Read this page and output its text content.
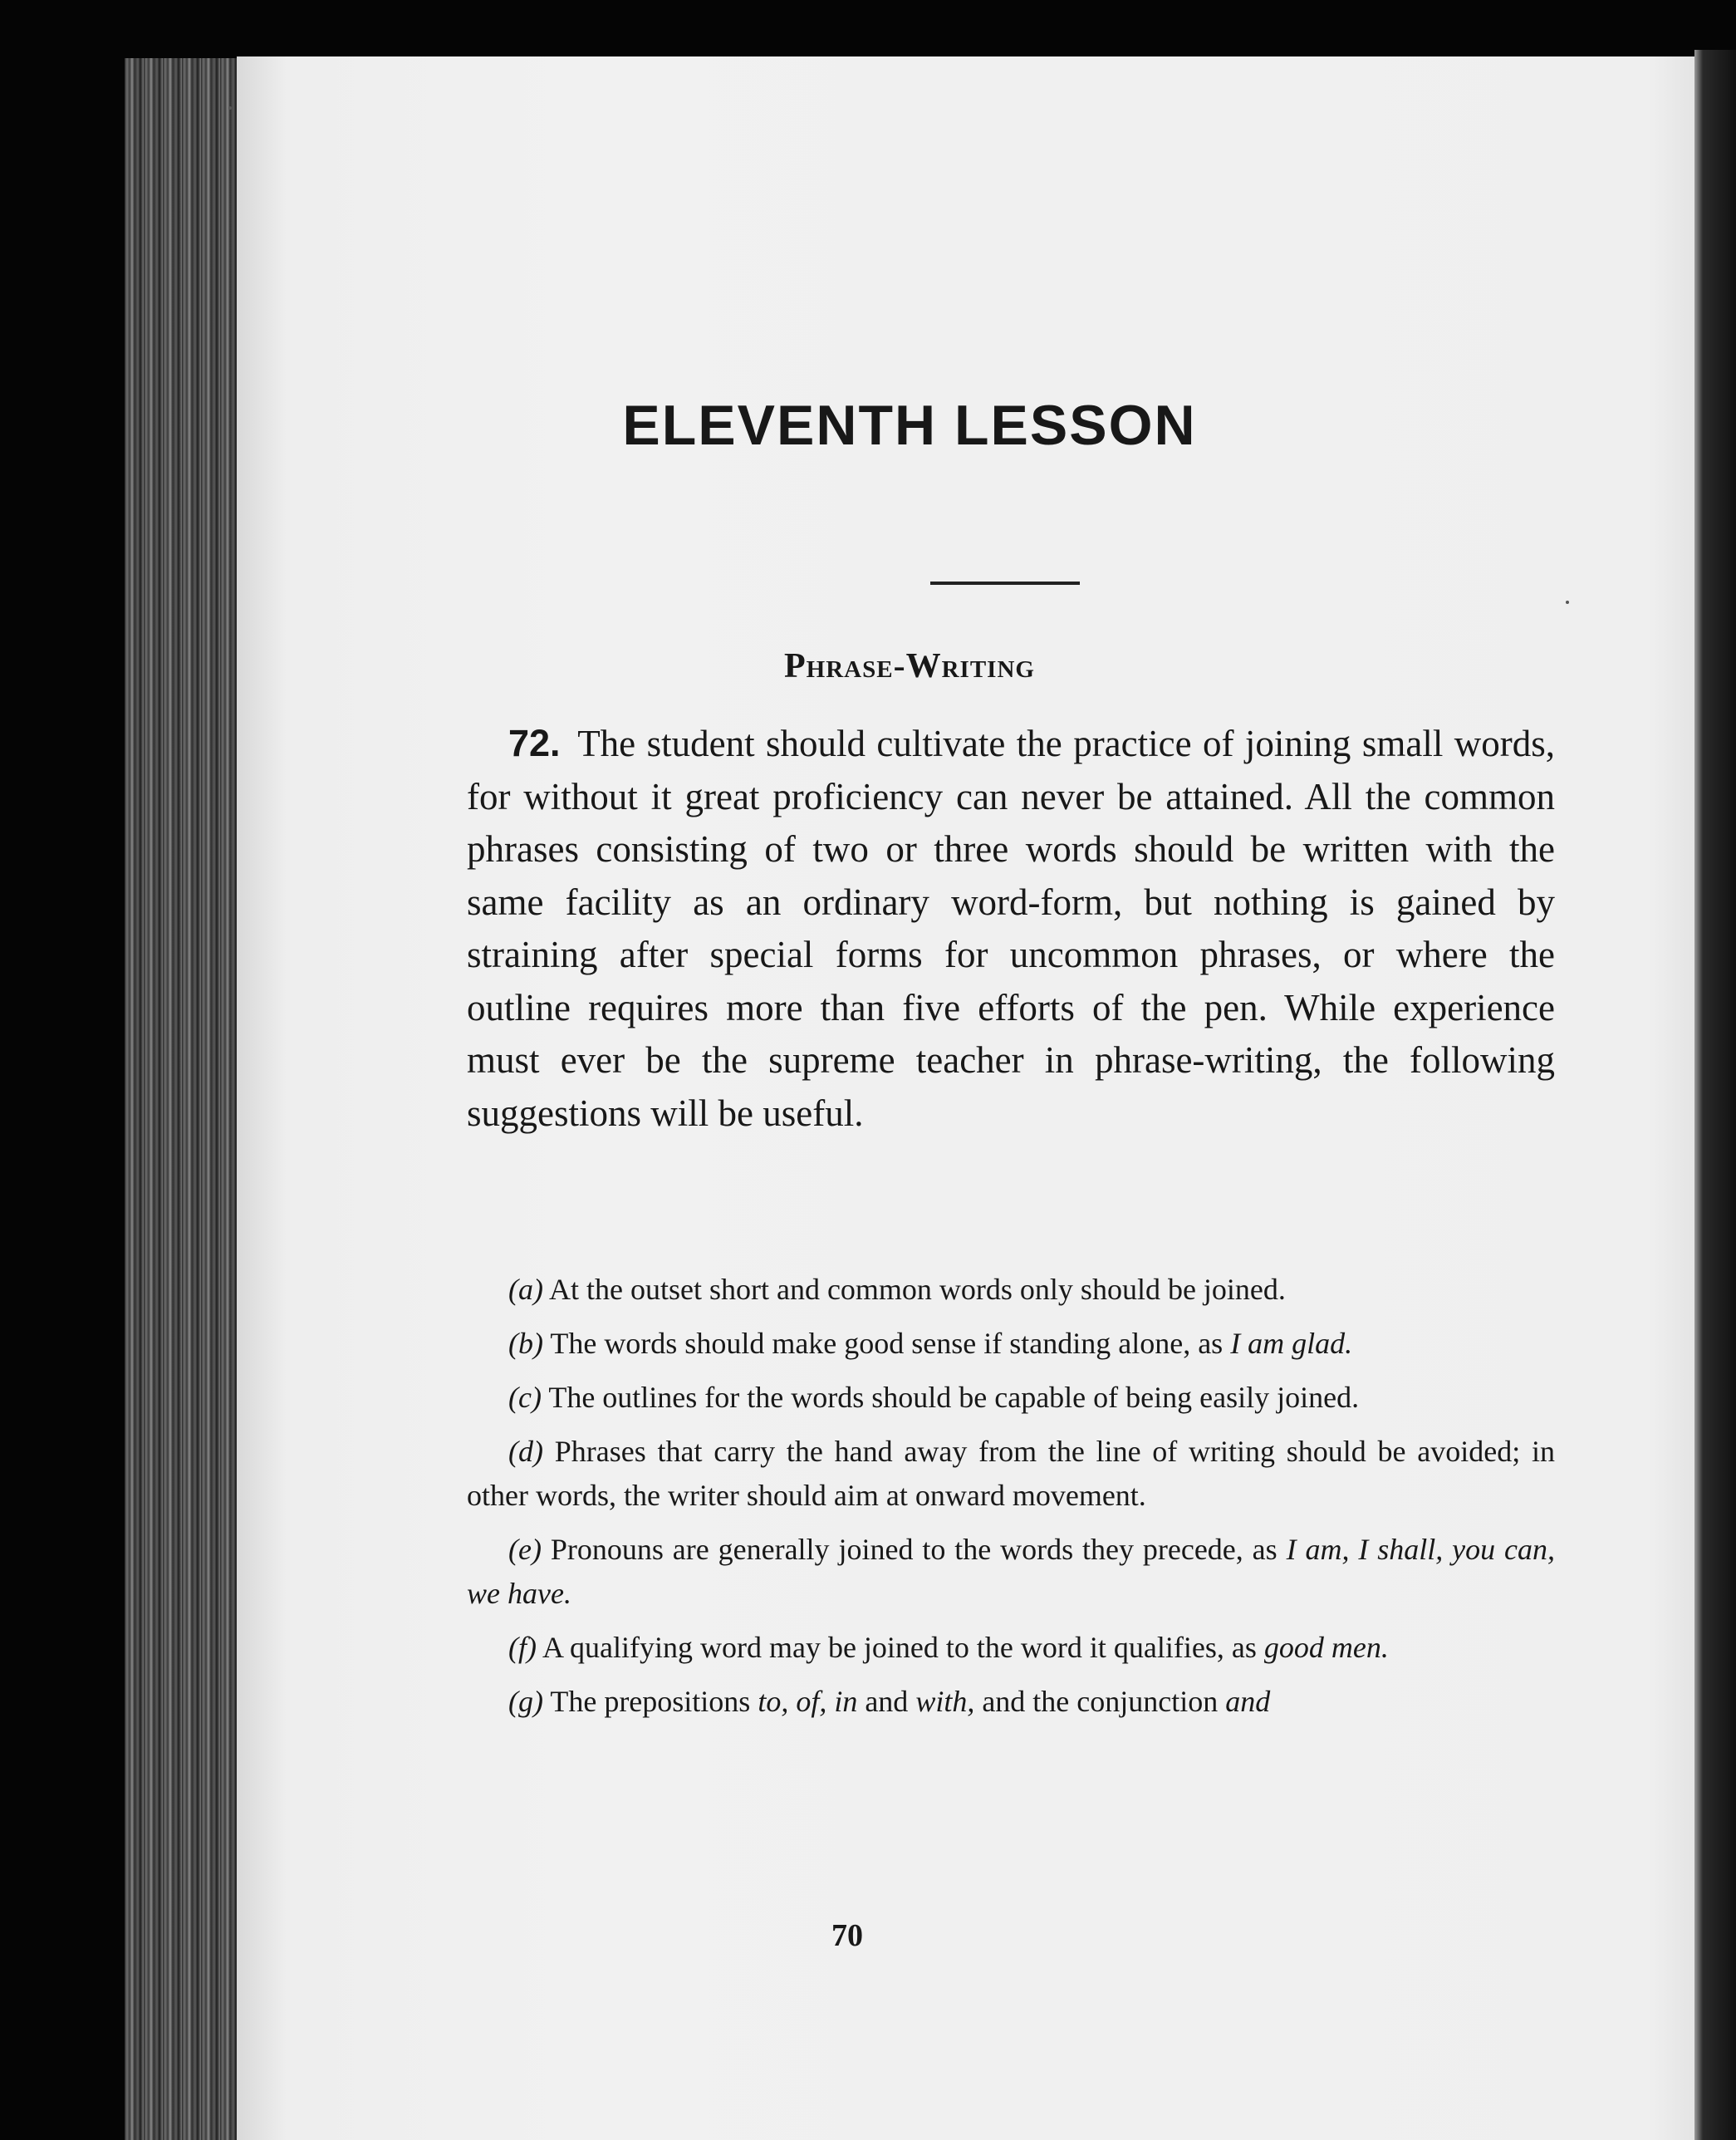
ELEVENTH LESSON
Phrase-Writing

72. The student should cultivate the practice of joining small words, for without it great proficiency can never be attained. All the common phrases consisting of two or three words should be written with the same facility as an ordinary word-form, but nothing is gained by straining after special forms for uncommon phrases, or where the outline requires more than five efforts of the pen. While experience must ever be the supreme teacher in phrase-writing, the following suggestions will be useful.

(a) At the outset short and common words only should be joined.

(b) The words should make good sense if standing alone, as I am glad.

(c) The outlines for the words should be capable of being easily joined.

(d) Phrases that carry the hand away from the line of writing should be avoided; in other words, the writer should aim at onward movement.

(e) Pronouns are generally joined to the words they precede, as I am, I shall, you can, we have.

(f) A qualifying word may be joined to the word it qualifies, as good men.

(g) The prepositions to, of, in and with, and the conjunction and

70
